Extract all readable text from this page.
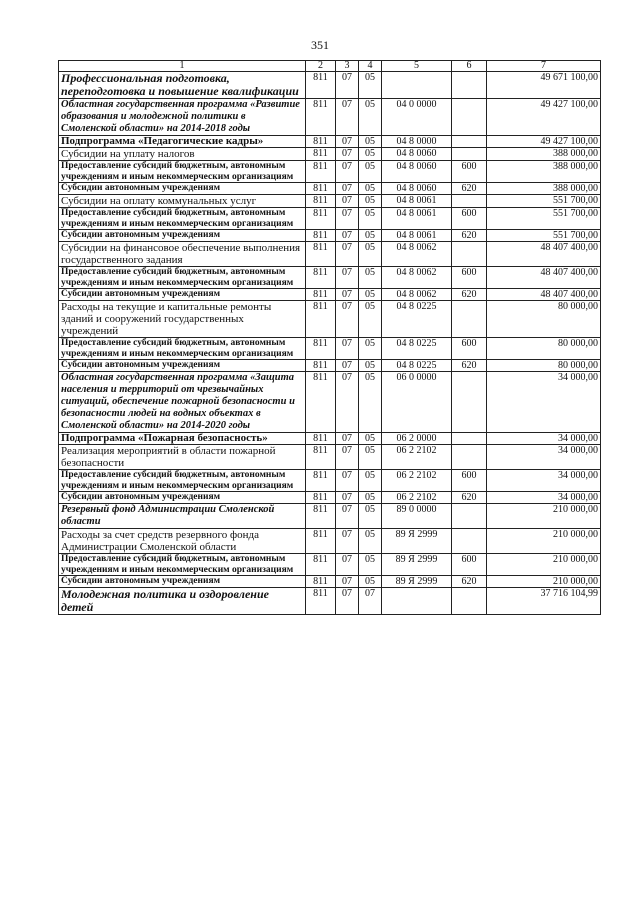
351
1	2	3	4	5	6	7
Профессиональная подготовка, переподготовка и повышение квалификации	811	07	05			49 671 100,00
Областная государственная программа «Развитие образования и молодежной политики в Смоленской области» на 2014-2018 годы	811	07	05	04 0 0000		49 427 100,00
Подпрограмма «Педагогические кадры»	811	07	05	04 8 0000		49 427 100,00
Субсидии на уплату налогов	811	07	05	04 8 0060		388 000,00
Предоставление субсидий бюджетным, автономным учреждениям и иным некоммерческим организациям	811	07	05	04 8 0060	600	388 000,00
Субсидии автономным учреждениям	811	07	05	04 8 0060	620	388 000,00
Субсидии на оплату коммунальных услуг	811	07	05	04 8 0061		551 700,00
Предоставление субсидий бюджетным, автономным учреждениям и иным некоммерческим организациям	811	07	05	04 8 0061	600	551 700,00
Субсидии автономным учреждениям	811	07	05	04 8 0061	620	551 700,00
Субсидии на финансовое обеспечение выполнения государственного задания	811	07	05	04 8 0062		48 407 400,00
Предоставление субсидий бюджетным, автономным учреждениям и иным некоммерческим организациям	811	07	05	04 8 0062	600	48 407 400,00
Субсидии автономным учреждениям	811	07	05	04 8 0062	620	48 407 400,00
Расходы на текущие и капитальные ремонты зданий и сооружений государственных учреждений	811	07	05	04 8 0225		80 000,00
Предоставление субсидий бюджетным, автономным учреждениям и иным некоммерческим организациям	811	07	05	04 8 0225	600	80 000,00
Субсидии автономным учреждениям	811	07	05	04 8 0225	620	80 000,00
Областная государственная программа «Защита населения и территорий от чрезвычайных ситуаций, обеспечение пожарной безопасности и безопасности людей на водных объектах в Смоленской области» на 2014-2020 годы	811	07	05	06 0 0000		34 000,00
Подпрограмма «Пожарная безопасность»	811	07	05	06 2 0000		34 000,00
Реализация мероприятий в области пожарной безопасности	811	07	05	06 2 2102		34 000,00
Предоставление субсидий бюджетным, автономным учреждениям и иным некоммерческим организациям	811	07	05	06 2 2102	600	34 000,00
Субсидии автономным учреждениям	811	07	05	06 2 2102	620	34 000,00
Резервный фонд Администрации Смоленской области	811	07	05	89 0 0000		210 000,00
Расходы за счет средств резервного фонда Администрации Смоленской области	811	07	05	89 Я 2999		210 000,00
Предоставление субсидий бюджетным, автономным учреждениям и иным некоммерческим организациям	811	07	05	89 Я 2999	600	210 000,00
Субсидии автономным учреждениям	811	07	05	89 Я 2999	620	210 000,00
Молодежная политика и оздоровление детей	811	07	07			37 716 104,99
